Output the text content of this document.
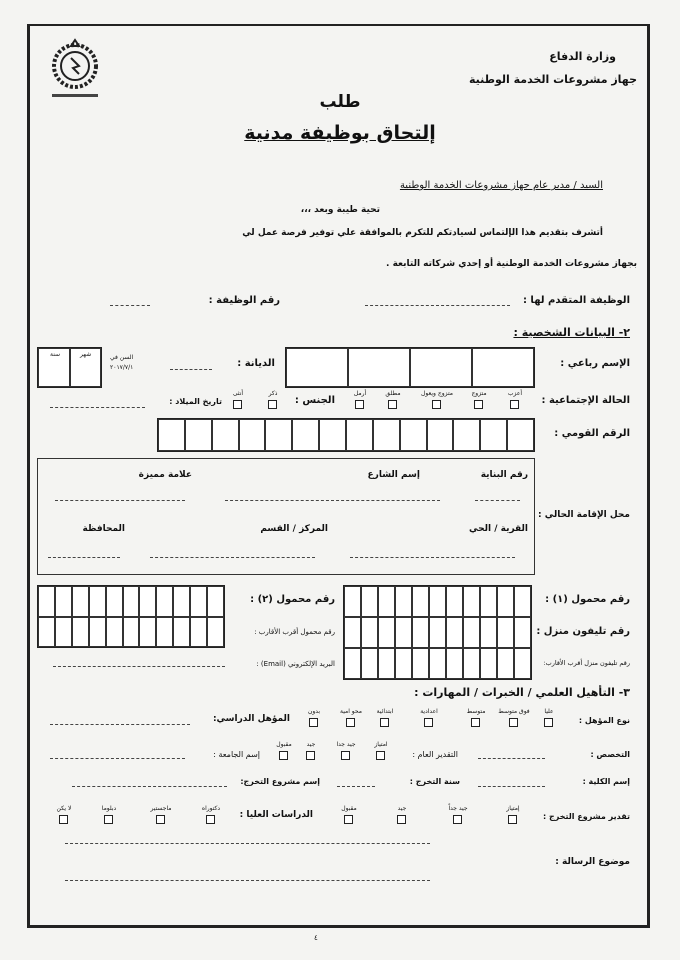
وزارة الدفاع
جهاز مشروعات الخدمة الوطنية
طلب
إلتحاق بوظيفة مدنية
السيد / مدير عام جهاز مشروعات الخدمة الوطنية
تحية طيبة وبعد ،،،
أتشرف بتقديم هذا الإلتماس لسيادتكم للتكرم بالموافقة علي توفير فرصة عمل لي
بجهاز مشروعات الخدمة الوطنية أو إحدي شركاته التابعة .
الوظيفة المتقدم لها :
رقم الوظيفة :
٢- البيانات الشخصية :
الإسم رباعي :
الديانة :
السن في
٢٠١٧/٧/١
سنة	شهر
الحالة الإجتماعية :
أعزب
متزوج
متزوج ويعول
مطلق
أرمل
ذكر
أنثى
الجنس :
تاريخ الميلاد :
الرقم القومي :
محل الإقامة الحالي :
رقم البناية
إسم الشارع
علامة مميزة
القرية / الحي
المركز / القسم
المحافظة
رقم محمول (١) :
رقم تليفون منزل :
رقم تليفون منزل أقرب الأقارب:
رقم محمول (٢) :
رقم محمول أقرب الأقارب :
البريد الإلكتروني (Email) :
٣- التأهيل العلمي / الخبرات / المهارات :
نوع المؤهل :
المؤهل الدراسي:
التخصص :
التقدير العام :
إسم الجامعة :
إسم الكلية :
سنة التخرج :
إسم مشروع التخرج:
تقدير مشروع التخرج :
الدراسات العليا :
عليا
فوق متوسط
متوسط
اعدادية
ابتدائية
محو امية
بدون
امتياز
جيد جدا
جيد
مقبول
إمتياز
جيد جداً
جيد
مقبول
دكتوراه
ماجستير
دبلوما
لا يكن
موضوع الرسالة :
٤
